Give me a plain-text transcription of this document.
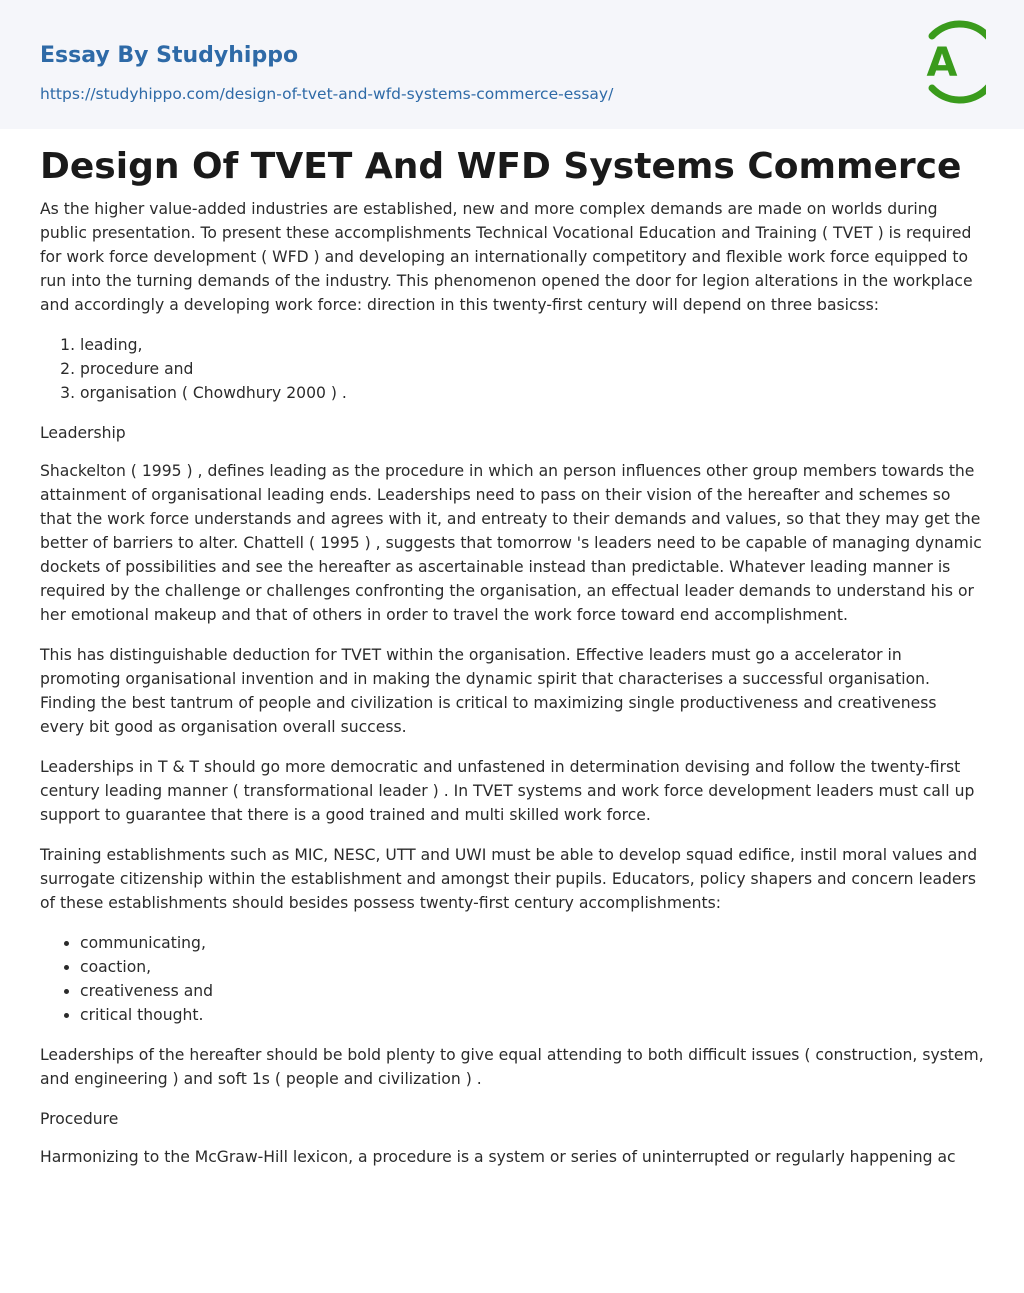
Essay By Studyhippo
https://studyhippo.com/design-of-tvet-and-wfd-systems-commerce-essay/
A
Design Of TVET And WFD Systems Commerce

As the higher value-added industries are established, new and more complex demands are made on worlds during public presentation. To present these accomplishments Technical Vocational Education and Training ( TVET ) is required for work force development ( WFD ) and developing an internationally competitory and flexible work force equipped to run into the turning demands of the industry. This phenomenon opened the door for legion alterations in the workplace and accordingly a developing work force: direction in this twenty-first century will depend on three basicss:

1. leading,
2. procedure and
3. organisation ( Chowdhury 2000 ) .

Leadership

Shackelton ( 1995 ) , defines leading as the procedure in which an person influences other group members towards the attainment of organisational leading ends. Leaderships need to pass on their vision of the hereafter and schemes so that the work force understands and agrees with it, and entreaty to their demands and values, so that they may get the better of barriers to alter. Chattell ( 1995 ) , suggests that tomorrow 's leaders need to be capable of managing dynamic dockets of possibilities and see the hereafter as ascertainable instead than predictable. Whatever leading manner is required by the challenge or challenges confronting the organisation, an effectual leader demands to understand his or her emotional makeup and that of others in order to travel the work force toward end accomplishment.

This has distinguishable deduction for TVET within the organisation. Effective leaders must go a accelerator in promoting organisational invention and in making the dynamic spirit that characterises a successful organisation. Finding the best tantrum of people and civilization is critical to maximizing single productiveness and creativeness every bit good as organisation overall success.

Leaderships in T & T should go more democratic and unfastened in determination devising and follow the twenty-first century leading manner ( transformational leader ) . In TVET systems and work force development leaders must call up support to guarantee that there is a good trained and multi skilled work force.

Training establishments such as MIC, NESC, UTT and UWI must be able to develop squad edifice, instil moral values and surrogate citizenship within the establishment and amongst their pupils. Educators, policy shapers and concern leaders of these establishments should besides possess twenty-first century accomplishments:

• communicating,
• coaction,
• creativeness and
• critical thought.

Leaderships of the hereafter should be bold plenty to give equal attending to both difficult issues ( construction, system, and engineering ) and soft 1s ( people and civilization ) .

Procedure

Harmonizing to the McGraw-Hill lexicon, a procedure is a system or series of uninterrupted or regularly happening ac
